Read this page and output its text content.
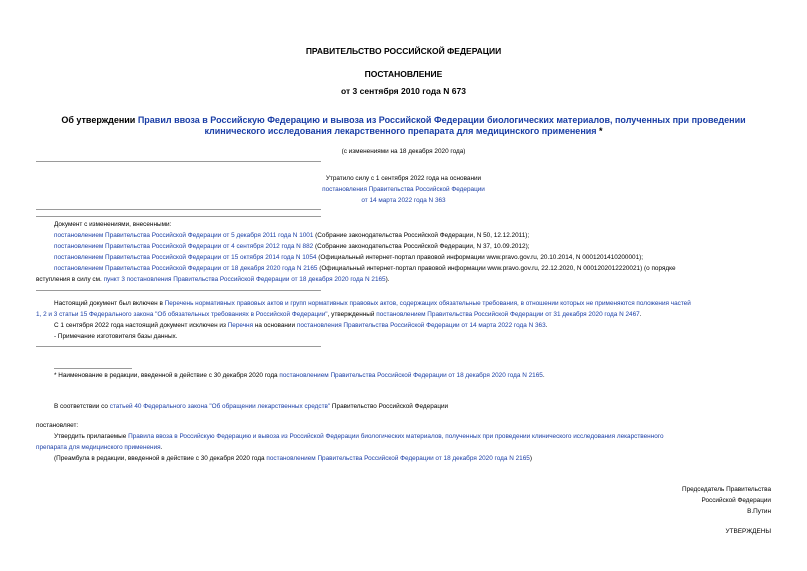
ПРАВИТЕЛЬСТВО РОССИЙСКОЙ ФЕДЕРАЦИИ
ПОСТАНОВЛЕНИЕ
от 3 сентября 2010 года N 673
Об утверждении Правил ввоза в Российскую Федерацию и вывоза из Российской Федерации биологических материалов, полученных при проведении
клинического исследования лекарственного препарата для медицинского применения *
(с изменениями на 18 декабря 2020 года)
Утратило силу с 1 сентября 2022 года на основании
постановления Правительства Российской Федерации
от 14 марта 2022 года N 363
Документ с изменениями, внесенными:
постановлением Правительства Российской Федерации от 5 декабря 2011 года N 1001 (Собрание законодательства Российской Федерации, N 50, 12.12.2011);
постановлением Правительства Российской Федерации от 4 сентября 2012 года N 882 (Собрание законодательства Российской Федерации, N 37, 10.09.2012);
постановлением Правительства Российской Федерации от 15 октября 2014 года N 1054 (Официальный интернет-портал правовой информации www.pravo.gov.ru, 20.10.2014, N 0001201410200001);
постановлением Правительства Российской Федерации от 18 декабря 2020 года N 2165 (Официальный интернет-портал правовой информации www.pravo.gov.ru, 22.12.2020, N 0001202012220021) (о порядке
вступления в силу см. пункт 3 постановления Правительства Российской Федерации от 18 декабря 2020 года N 2165).
Настоящий документ был включен в Перечень нормативных правовых актов и групп нормативных правовых актов, содержащих обязательные требования, в отношении которых не применяются положения частей
1, 2 и 3 статьи 15 Федерального закона "Об обязательных требованиях в Российской Федерации", утвержденный постановлением Правительства Российской Федерации от 31 декабря 2020 года N 2467.
С 1 сентября 2022 года настоящий документ исключен из Перечня на основании постановления Правительства Российской Федерации от 14 марта 2022 года N 363.
- Примечание изготовителя базы данных.
* Наименование в редакции, введенной в действие с 30 декабря 2020 года постановлением Правительства Российской Федерации от 18 декабря 2020 года N 2165.
В соответствии со статьей 40 Федерального закона "Об обращении лекарственных средств" Правительство Российской Федерации
постановляет:
Утвердить прилагаемые Правила ввоза в Российскую Федерацию и вывоза из Российской Федерации биологических материалов, полученных при проведении клинического исследования лекарственного
препарата для медицинского применения.
(Преамбула в редакции, введенной в действие с 30 декабря 2020 года постановлением Правительства Российской Федерации от 18 декабря 2020 года N 2165)
Председатель Правительства
Российской Федерации
В.Путин
УТВЕРЖДЕНЫ
